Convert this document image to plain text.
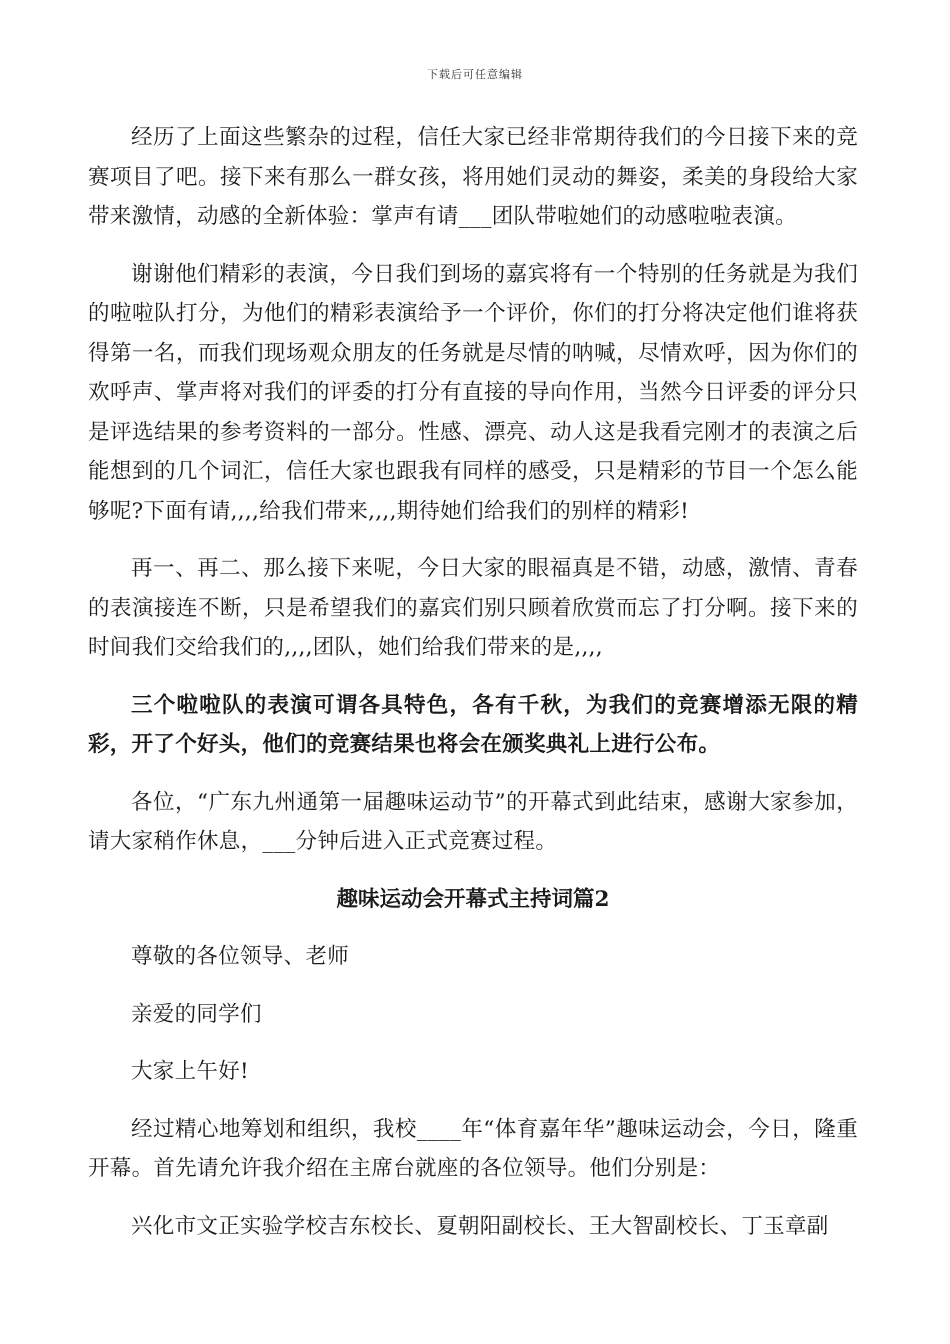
下载后可任意编辑

经历了上面这些繁杂的过程，信任大家已经非常期待我们的今日接下来的竞赛项目了吧。接下来有那么一群女孩，将用她们灵动的舞姿，柔美的身段给大家带来激情，动感的全新体验：掌声有请___团队带啦她们的动感啦啦表演。

谢谢他们精彩的表演，今日我们到场的嘉宾将有一个特别的任务就是为我们的啦啦队打分，为他们的精彩表演给予一个评价，你们的打分将决定他们谁将获得第一名，而我们现场观众朋友的任务就是尽情的呐喊，尽情欢呼，因为你们的欢呼声、掌声将对我们的评委的打分有直接的导向作用，当然今日评委的评分只是评选结果的参考资料的一部分。性感、漂亮、动人这是我看完刚才的表演之后能想到的几个词汇，信任大家也跟我有同样的感受，只是精彩的节目一个怎么能够呢?下面有请,,,,给我们带来,,,,期待她们给我们的别样的精彩!

再一、再二、那么接下来呢，今日大家的眼福真是不错，动感，激情、青春的表演接连不断，只是希望我们的嘉宾们别只顾着欣赏而忘了打分啊。接下来的时间我们交给我们的,,,,团队，她们给我们带来的是,,,,

三个啦啦队的表演可谓各具特色，各有千秋，为我们的竞赛增添无限的精彩，开了个好头，他们的竞赛结果也将会在颁奖典礼上进行公布。

各位，“广东九州通第一届趣味运动节”的开幕式到此结束，感谢大家参加，请大家稍作休息，___分钟后进入正式竞赛过程。

趣味运动会开幕式主持词篇2

尊敬的各位领导、老师

亲爱的同学们

大家上午好!

经过精心地筹划和组织，我校____年“体育嘉年华”趣味运动会，今日，隆重开幕。首先请允许我介绍在主席台就座的各位领导。他们分别是：

兴化市文正实验学校吉东校长、夏朝阳副校长、王大智副校长、丁玉章副
